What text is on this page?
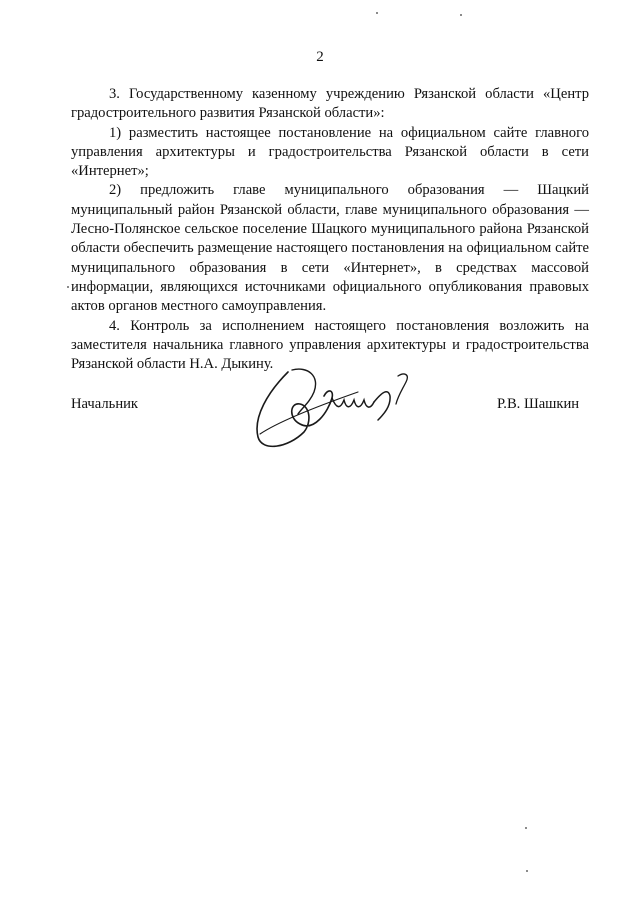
2

3. Государственному казенному учреждению Рязанской области «Центр градостроительного развития Рязанской области»:

1) разместить настоящее постановление на официальном сайте главного управления архитектуры и градостроительства Рязанской области в сети «Интернет»;

2) предложить главе муниципального образования — Шацкий муниципальный район Рязанской области, главе муниципального образования — Лесно-Полянское сельское поселение Шацкого муниципального района Рязанской области обеспечить размещение настоящего постановления на официальном сайте муниципального образования в сети «Интернет», в средствах массовой информации, являющихся источниками официального опубликования правовых актов органов местного самоуправления.

4. Контроль за исполнением настоящего постановления возложить на заместителя начальника главного управления архитектуры и градостроительства Рязанской области Н.А. Дыкину.

Начальник	Р.В. Шашкин
